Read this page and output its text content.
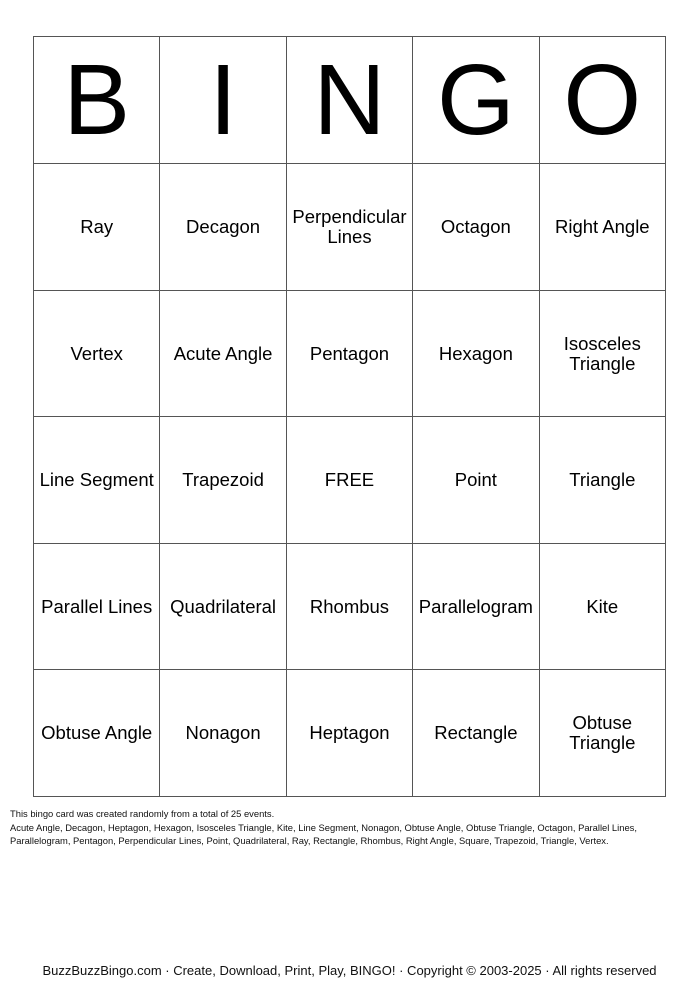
B	I	N	G	O
Ray	Decagon	Perpendicular Lines	Octagon	Right Angle
Vertex	Acute Angle	Pentagon	Hexagon	Isosceles Triangle
Line Segment	Trapezoid	FREE	Point	Triangle
Parallel Lines	Quadrilateral	Rhombus	Parallelogram	Kite
Obtuse Angle	Nonagon	Heptagon	Rectangle	Obtuse Triangle
This bingo card was created randomly from a total of 25 events.
Acute Angle, Decagon, Heptagon, Hexagon, Isosceles Triangle, Kite, Line Segment, Nonagon, Obtuse Angle, Obtuse Triangle, Octagon, Parallel Lines, Parallelogram, Pentagon, Perpendicular Lines, Point, Quadrilateral, Ray, Rectangle, Rhombus, Right Angle, Square, Trapezoid, Triangle, Vertex.
BuzzBuzzBingo.com · Create, Download, Print, Play, BINGO! · Copyright © 2003-2025 · All rights reserved
